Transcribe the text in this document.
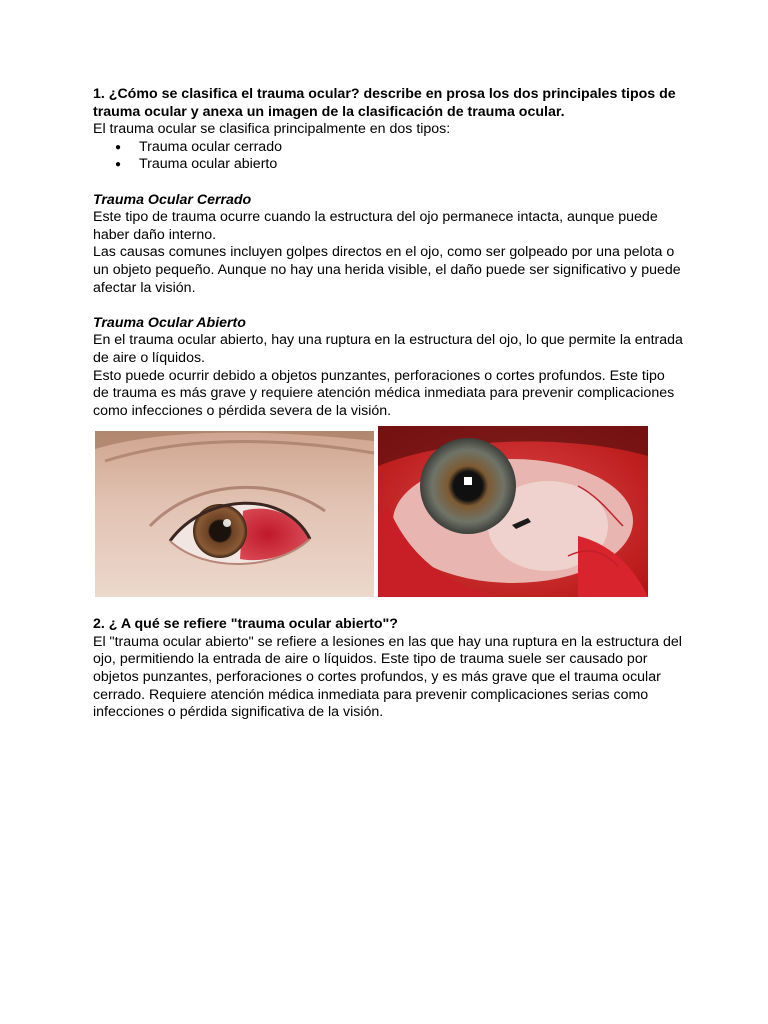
1. ¿Cómo se clasifica el trauma ocular? describe en prosa los dos principales tipos de trauma ocular y anexa un imagen de la clasificación de trauma ocular.

El trauma ocular se clasifica principalmente en dos tipos:

● Trauma ocular cerrado
● Trauma ocular abierto

Trauma Ocular Cerrado

Este tipo de trauma ocurre cuando la estructura del ojo permanece intacta, aunque puede haber daño interno.

Las causas comunes incluyen golpes directos en el ojo, como ser golpeado por una pelota o un objeto pequeño. Aunque no hay una herida visible, el daño puede ser significativo y puede afectar la visión.

Trauma Ocular Abierto

En el trauma ocular abierto, hay una ruptura en la estructura del ojo, lo que permite la entrada de aire o líquidos.

Esto puede ocurrir debido a objetos punzantes, perforaciones o cortes profundos. Este tipo de trauma es más grave y requiere atención médica inmediata para prevenir complicaciones como infecciones o pérdida severa de la visión.

2. ¿ A qué se refiere "trauma ocular abierto"?

El "trauma ocular abierto" se refiere a lesiones en las que hay una ruptura en la estructura del ojo, permitiendo la entrada de aire o líquidos. Este tipo de trauma suele ser causado por objetos punzantes, perforaciones o cortes profundos, y es más grave que el trauma ocular cerrado. Requiere atención médica inmediata para prevenir complicaciones serias como infecciones o pérdida significativa de la visión.
